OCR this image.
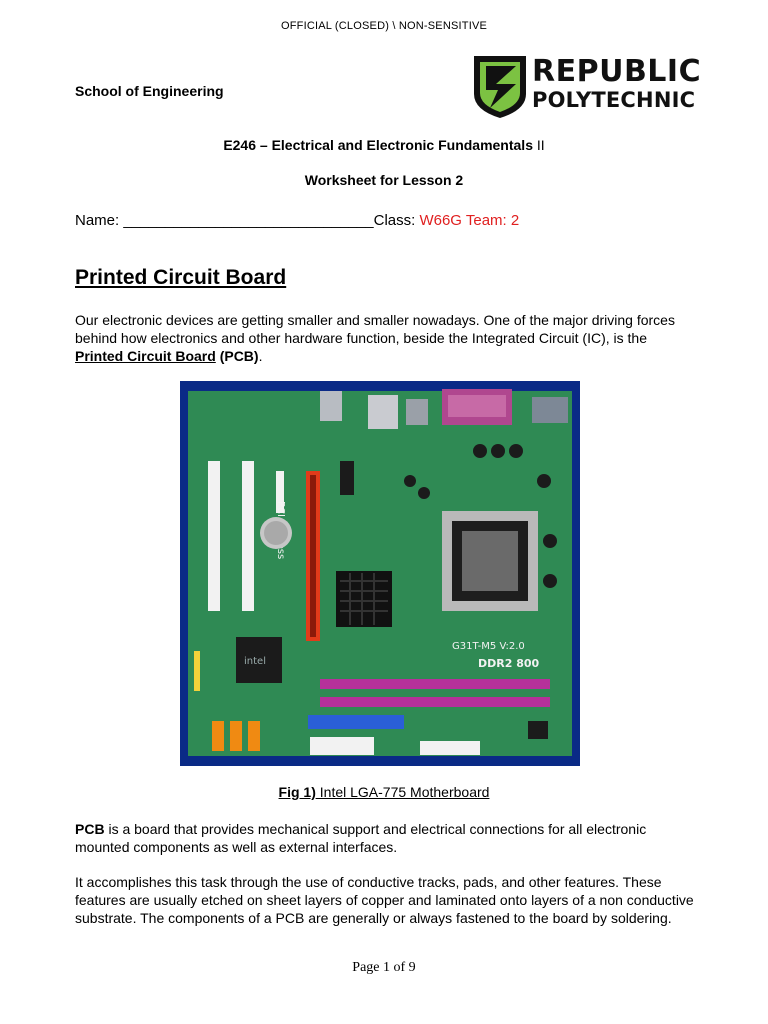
OFFICIAL (CLOSED) \ NON-SENSITIVE
School of Engineering
REPUBLIC
POLYTECHNIC
E246 – Electrical and Electronic Fundamentals II
Worksheet for Lesson 2
Name: ______________________________Class: W66G Team: 2
Printed Circuit Board
Our electronic devices are getting smaller and smaller nowadays. One of the major driving forces behind how electronics and other hardware function, beside the Integrated Circuit (IC), is the Printed Circuit Board (PCB).
intel
G31T-M5 V:2.0
DDR2 800
Fig 1) Intel LGA-775 Motherboard
PCB is a board that provides mechanical support and electrical connections for all electronic mounted components as well as external interfaces.
It accomplishes this task through the use of conductive tracks, pads, and other features. These features are usually etched on sheet layers of copper and laminated onto layers of a non conductive substrate. The components of a PCB are generally or always fastened to the board by soldering.
Page 1 of 9
